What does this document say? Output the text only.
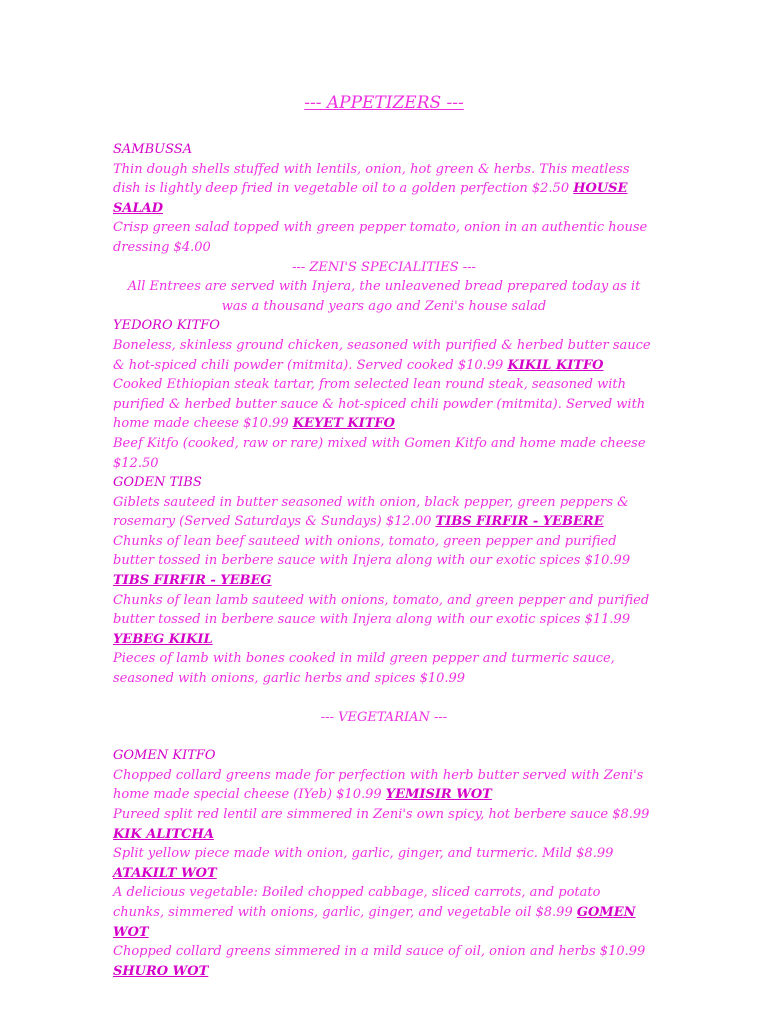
--- APPETIZERS ---

SAMBUSSA
Thin dough shells stuffed with lentils, onion, hot green & herbs. This meatless dish is lightly deep fried in vegetable oil to a golden perfection $2.50 HOUSE SALAD
Crisp green salad topped with green pepper tomato, onion in an authentic house dressing $4.00

--- ZENI'S SPECIALITIES ---

All Entrees are served with Injera, the unleavened bread prepared today as it was a thousand years ago and Zeni's house salad

YEDORO KITFO
Boneless, skinless ground chicken, seasoned with purified & herbed butter sauce & hot-spiced chili powder (mitmita). Served cooked $10.99 KIKIL KITFO
Cooked Ethiopian steak tartar, from selected lean round steak, seasoned with purified & herbed butter sauce & hot-spiced chili powder (mitmita). Served with home made cheese $10.99 KEYET KITFO
Beef Kitfo (cooked, raw or rare) mixed with Gomen Kitfo and home made cheese $12.50
GODEN TIBS
Giblets sauteed in butter seasoned with onion, black pepper, green peppers & rosemary (Served Saturdays & Sundays) $12.00 TIBS FIRFIR - YEBERE
Chunks of lean beef sauteed with onions, tomato, green pepper and purified butter tossed in berbere sauce with Injera along with our exotic spices $10.99 TIBS FIRFIR - YEBEG
Chunks of lean lamb sauteed with onions, tomato, and green pepper and purified butter tossed in berbere sauce with Injera along with our exotic spices $11.99 YEBEG KIKIL
Pieces of lamb with bones cooked in mild green pepper and turmeric sauce, seasoned with onions, garlic herbs and spices $10.99

--- VEGETARIAN ---

GOMEN KITFO
Chopped collard greens made for perfection with herb butter served with Zeni's home made special cheese (IYeb) $10.99 YEMISIR WOT
Pureed split red lentil are simmered in Zeni's own spicy, hot berbere sauce $8.99 KIK ALITCHA
Split yellow piece made with onion, garlic, ginger, and turmeric. Mild $8.99 ATAKILT WOT
A delicious vegetable: Boiled chopped cabbage, sliced carrots, and potato chunks, simmered with onions, garlic, ginger, and vegetable oil $8.99 GOMEN WOT
Chopped collard greens simmered in a mild sauce of oil, onion and herbs $10.99 SHURO WOT
